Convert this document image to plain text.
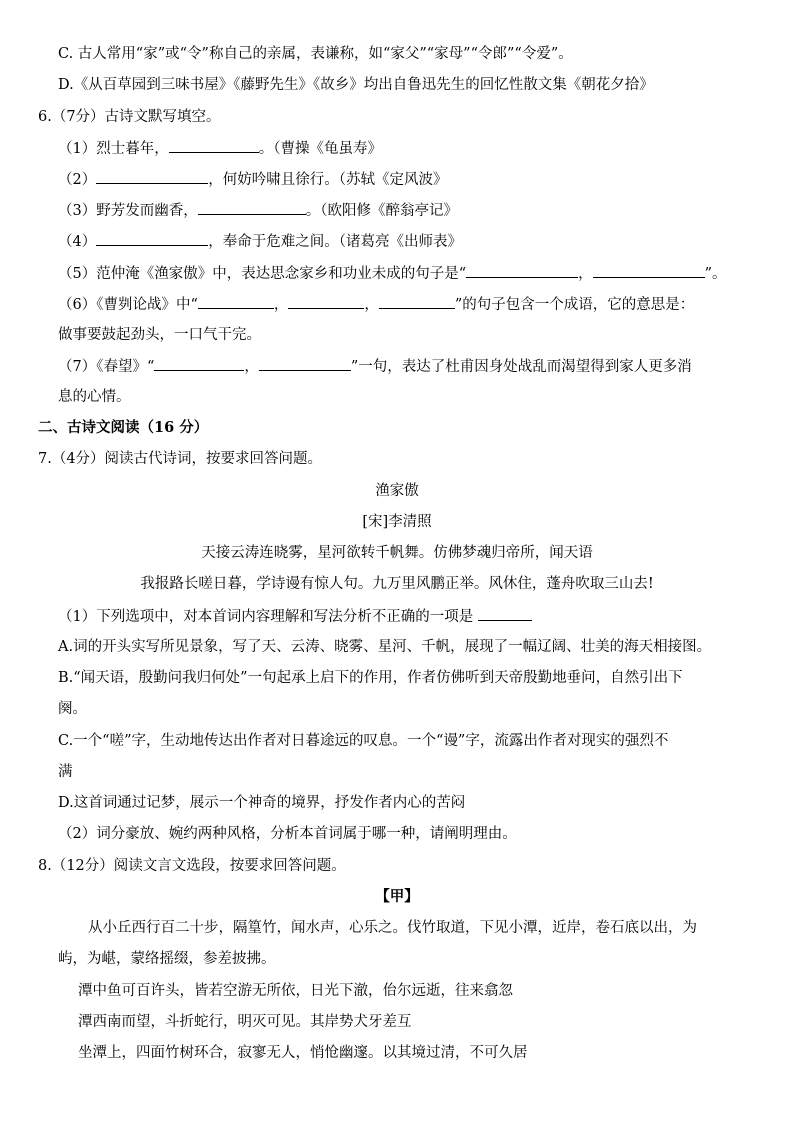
C. 古人常用“家”或“令”称自己的亲属，表谦称，如“家父”“家母”“令郎”“令爱”。
D.《从百草园到三味书屋》《藤野先生》《故乡》均出自鲁迅先生的回忆性散文集《朝花夕拾》
6.（7分）古诗文默写填空。
（1）烈士暮年，	。（曹操《龟虽寿》
（2）	，何妨吟啸且徐行。（苏轼《定风波》
（3）野芳发而幽香，	。（欧阳修《醉翁亭记》
（4）	，奉命于危难之间。（诸葛亮《出师表》
（5）范仲淹《渔家傲》中，表达思念家乡和功业未成的句子是“	，	”。
（6）《曹刿论战》中“	，	，	”的句子包含一个成语，它的意思是：
做事要鼓起劲头，一口气干完。
（7）《春望》“	，	”一句，表达了杜甫因身处战乱而渴望得到家人更多消
息的心情。
二、古诗文阅读（16 分）
7.（4分）阅读古代诗词，按要求回答问题。
渔家傲
[宋]李清照
天接云涛连晓雾，星河欲转千帆舞。仿佛梦魂归帝所，闻天语
我报路长嗟日暮，学诗谩有惊人句。九万里风鹏正举。风休住，蓬舟吹取三山去!
（1）下列选项中，对本首词内容理解和写法分析不正确的一项是
A.词的开头实写所见景象，写了天、云涛、晓雾、星河、千帆，展现了一幅辽阔、壮美的海天相接图。
B.“闻天语，殷勤问我归何处”一句起承上启下的作用，作者仿佛听到天帝殷勤地垂问，自然引出下
阕。
C.一个“嗟”字，生动地传达出作者对日暮途远的叹息。一个“谩”字，流露出作者对现实的强烈不
满
D.这首词通过记梦，展示一个神奇的境界，抒发作者内心的苦闷
（2）词分豪放、婉约两种风格，分析本首词属于哪一种，请阐明理由。
8.（12分）阅读文言文选段，按要求回答问题。
【甲】
从小丘西行百二十步，隔篁竹，闻水声，心乐之。伐竹取道，下见小潭，近岸，卷石底以出，为
屿，为嵁，蒙络摇缀，参差披拂。
潭中鱼可百许头，皆若空游无所依，日光下澈，佁尔远逝，往来翕忽
潭西南而望，斗折蛇行，明灭可见。其岸势犬牙差互
坐潭上，四面竹树环合，寂寥无人，悄怆幽邃。以其境过清，不可久居
